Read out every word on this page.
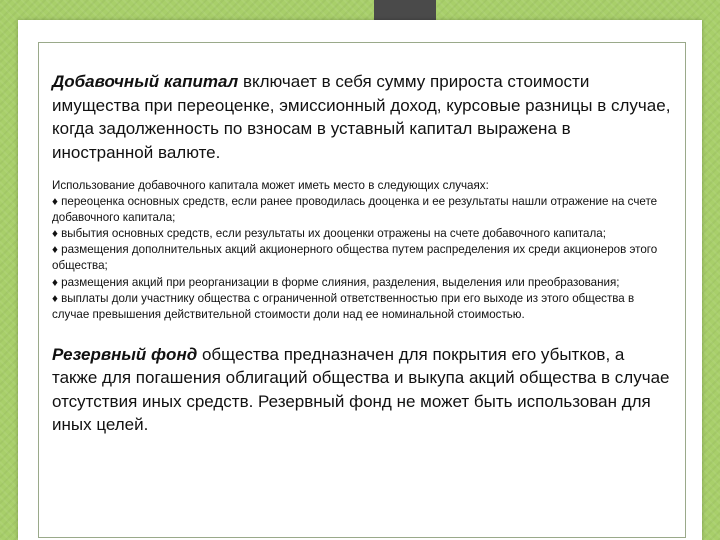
Добавочный капитал включает в себя сумму прироста стоимости имущества при переоценке, эмиссионный доход, курсовые разницы в случае, когда задолженность по взносам в уставный капитал выражена в иностранной валюте.

Использование добавочного капитала может иметь место в следующих случаях:
♦ переоценка основных средств, если ранее проводилась дооценка и ее результаты нашли отражение на счете добавочного капитала;
♦ выбытия основных средств, если результаты их дооценки отражены на счете добавочного капитала;
♦ размещения дополнительных акций акционерного общества путем распределения их среди акционеров этого общества;
♦ размещения акций при реорганизации в форме слияния, разделения, выделения или преобразования;
♦ выплаты доли участнику общества с ограниченной ответственностью при его выходе из этого общества в случае превышения действительной стоимости доли над ее номинальной стоимостью.

Резервный фонд общества предназначен для покрытия его убытков, а также для погашения облигаций общества и выкупа акций общества в случае отсутствия иных средств. Резервный фонд не может быть использован для иных целей.
